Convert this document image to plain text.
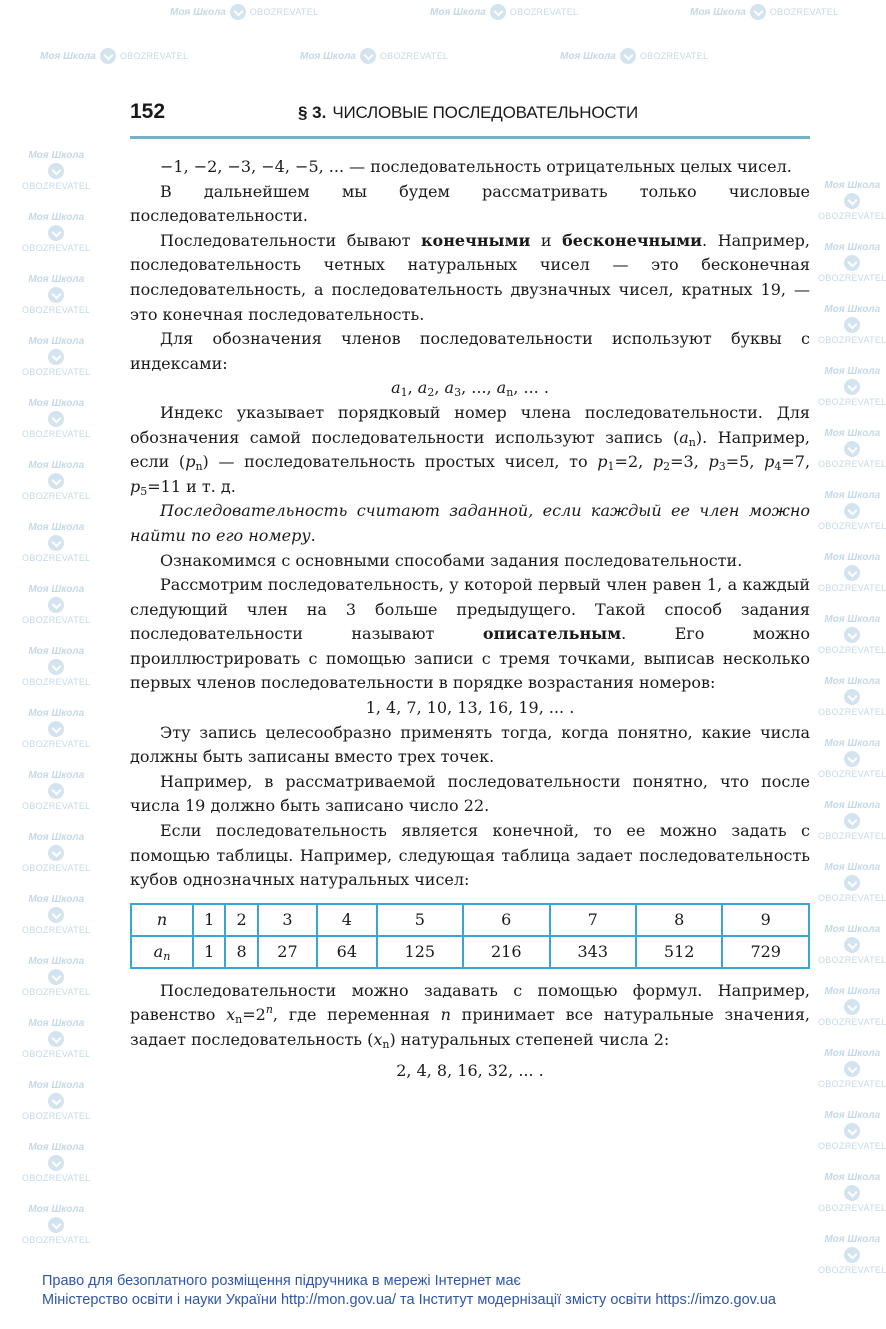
Моя Школа	OBOZREVATEL	Моя Школа	OBOZREVATEL	Моя Школа	OBOZREVATEL
Моя Школа	OBOZREVATEL	Моя Школа	OBOZREVATEL	Моя Школа	OBOZREVATEL
Моя Школа
OBOZREVATEL	Моя Школа
OBOZREVATEL
Моя Школа
OBOZREVATEL	Моя Школа
OBOZREVATEL
Моя Школа
OBOZREVATEL	Моя Школа
OBOZREVATEL
Моя Школа
OBOZREVATEL	Моя Школа
OBOZREVATEL
Моя Школа
OBOZREVATEL	Моя Школа
OBOZREVATEL
Моя Школа
OBOZREVATEL	Моя Школа
OBOZREVATEL
Моя Школа
OBOZREVATEL	Моя Школа
OBOZREVATEL
Моя Школа
OBOZREVATEL	Моя Школа
OBOZREVATEL
Моя Школа
OBOZREVATEL	Моя Школа
OBOZREVATEL
Моя Школа
OBOZREVATEL	Моя Школа
OBOZREVATEL
Моя Школа
OBOZREVATEL	Моя Школа
OBOZREVATEL
Моя Школа
OBOZREVATEL	Моя Школа
OBOZREVATEL
Моя Школа
OBOZREVATEL	Моя Школа
OBOZREVATEL
Моя Школа
OBOZREVATEL	Моя Школа
OBOZREVATEL
Моя Школа
OBOZREVATEL	Моя Школа
OBOZREVATEL
Моя Школа
OBOZREVATEL	Моя Школа
OBOZREVATEL
Моя Школа
OBOZREVATEL	Моя Школа
OBOZREVATEL
Моя Школа
OBOZREVATEL	Моя Школа
OBOZREVATEL
152	§ 3. ЧИСЛОВЫЕ ПОСЛЕДОВАТЕЛЬНОСТИ

−1, −2, −3, −4, −5, ... — последовательность отрицательных целых чисел.

В дальнейшем мы будем рассматривать только числовые последовательности.

Последовательности бывают конечными и бесконечными. Например, последовательность четных натуральных чисел — это бесконечная последовательность, а последовательность двузначных чисел, кратных 19, — это конечная последовательность.

Для обозначения членов последовательности используют буквы с индексами:

$a_1$, $a_2$, $a_3$, ..., $a_n$, ... .

Индекс указывает порядковый номер члена последовательности. Для обозначения самой последовательности используют запись $(a_n)$. Например, если $(p_n)$ — последовательность простых чисел, то $p_1=2$, $p_2=3$, $p_3=5$, $p_4=7$, $p_5=11$ и т. д.

Последовательность считают заданной, если каждый ее член можно найти по его номеру.

Ознакомимся с основными способами задания последовательности.

Рассмотрим последовательность, у которой первый член равен 1, а каждый следующий член на 3 больше предыдущего. Такой способ задания последовательности называют описательным. Его можно проиллюстрировать с помощью записи с тремя точками, выписав несколько первых членов последовательности в порядке возрастания номеров:

1, 4, 7, 10, 13, 16, 19, ... .

Эту запись целесообразно применять тогда, когда понятно, какие числа должны быть записаны вместо трех точек.

Например, в рассматриваемой последовательности понятно, что после числа 19 должно быть записано число 22.

Если последовательность является конечной, то ее можно задать с помощью таблицы. Например, следующая таблица задает последовательность кубов однозначных натуральных чисел:

n	1	2	3	4	5	6	7	8	9
$a_n$	1	8	27	64	125	216	343	512	729

Последовательности можно задавать с помощью формул. Например, равенство $x_n=2^n$, где переменная n принимает все натуральные значения, задает последовательность $(x_n)$ натуральных степеней числа 2:

2, 4, 8, 16, 32, ... .

Право для безоплатного розміщення підручника в мережі Інтернет має
Міністерство освіти і науки України http://mon.gov.ua/ та Інститут модернізації змісту освіти https://imzo.gov.ua
